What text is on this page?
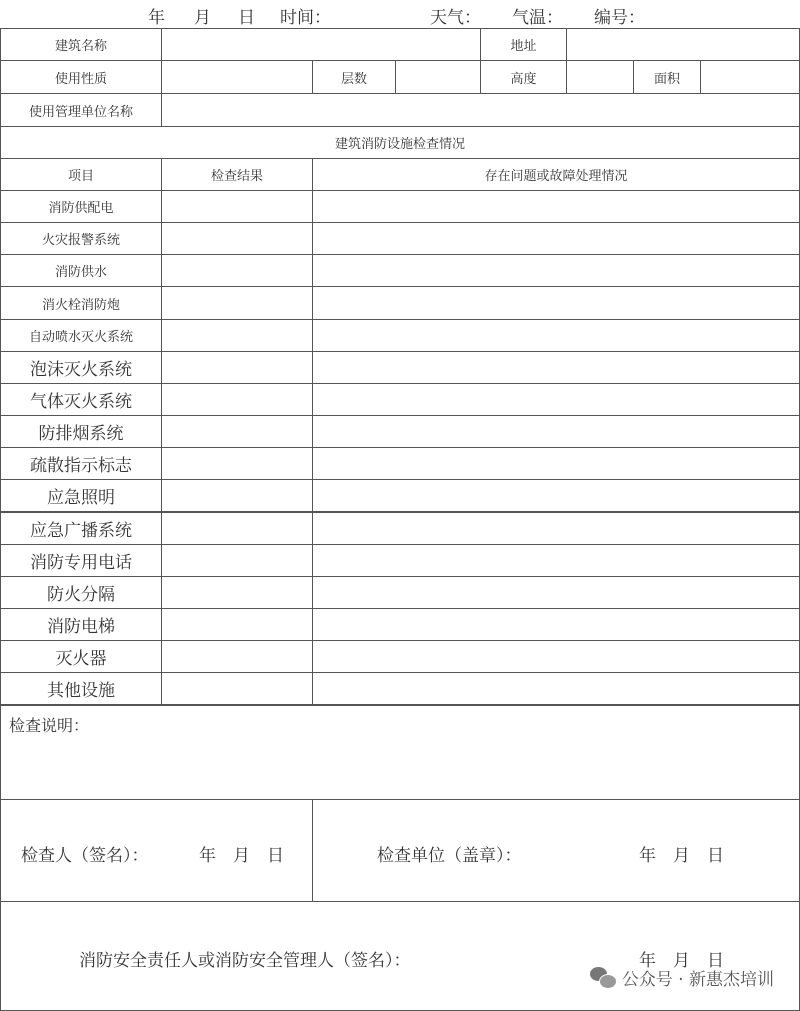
年 月 日 时间：	天气： 气温： 编号：
建筑名称	地址
使用性质	层数	高度	面积
使用管理单位名称
建筑消防设施检查情况
项目	检查结果	存在问题或故障处理情况
消防供配电
火灾报警系统
消防供水
消火栓消防炮
自动喷水灭火系统
泡沫灭火系统
气体灭火系统
防排烟系统
疏散指示标志
应急照明
应急广播系统
消防专用电话
防火分隔
消防电梯
灭火器
其他设施
检查说明：
检查人（签名）：	年　月　日	检查单位（盖章）：	年　月　日
消防安全责任人或消防安全管理人（签名）：	年　月　日
公众号 · 新惠杰培训
